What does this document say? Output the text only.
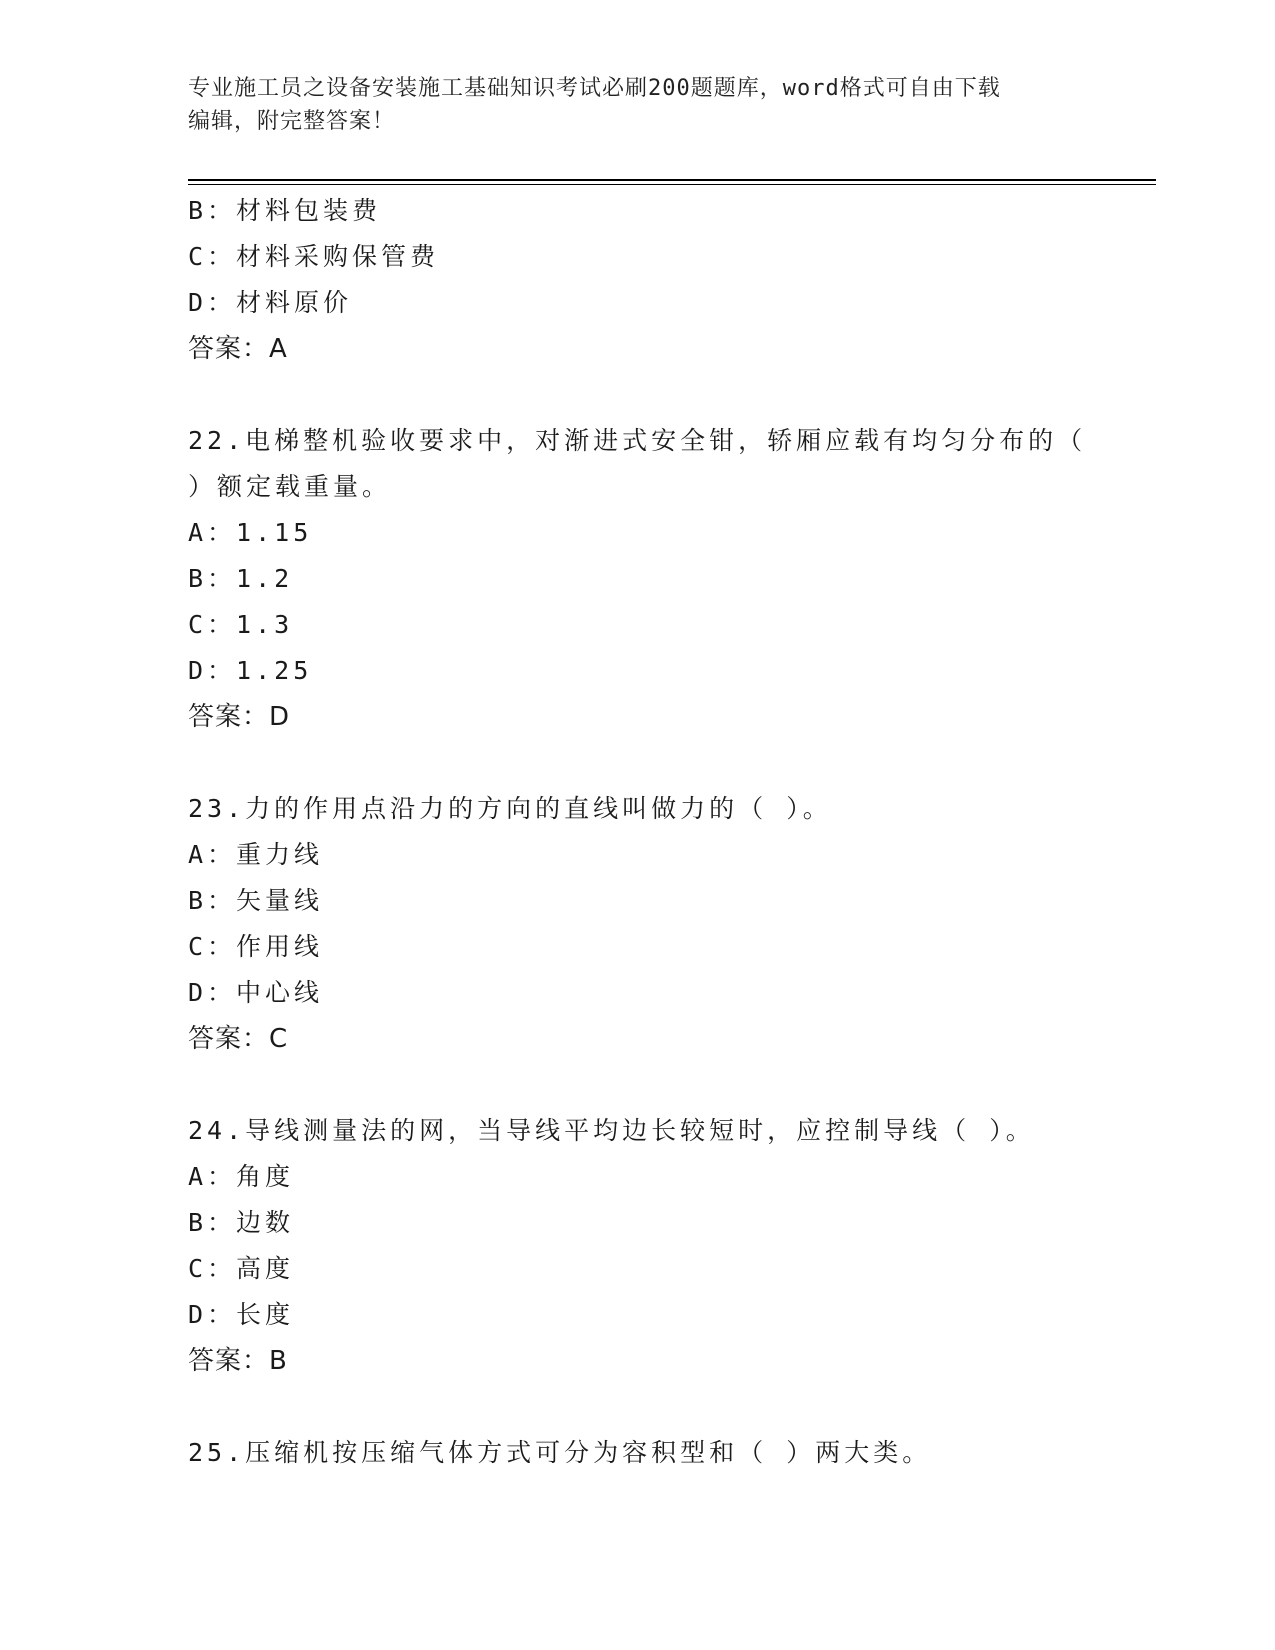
专业施工员之设备安装施工基础知识考试必刷200题题库，word格式可自由下载
编辑，附完整答案！
B：材料包装费
C：材料采购保管费
D：材料原价
答案：A
22.电梯整机验收要求中，对渐进式安全钳，轿厢应载有均匀分布的（
）额定载重量。
A：1.15
B：1.2
C：1.3
D：1.25
答案：D
23.力的作用点沿力的方向的直线叫做力的（ ）。
A：重力线
B：矢量线
C：作用线
D：中心线
答案：C
24.导线测量法的网，当导线平均边长较短时，应控制导线（ ）。
A：角度
B：边数
C：高度
D：长度
答案：B
25.压缩机按压缩气体方式可分为容积型和（ ）两大类。
